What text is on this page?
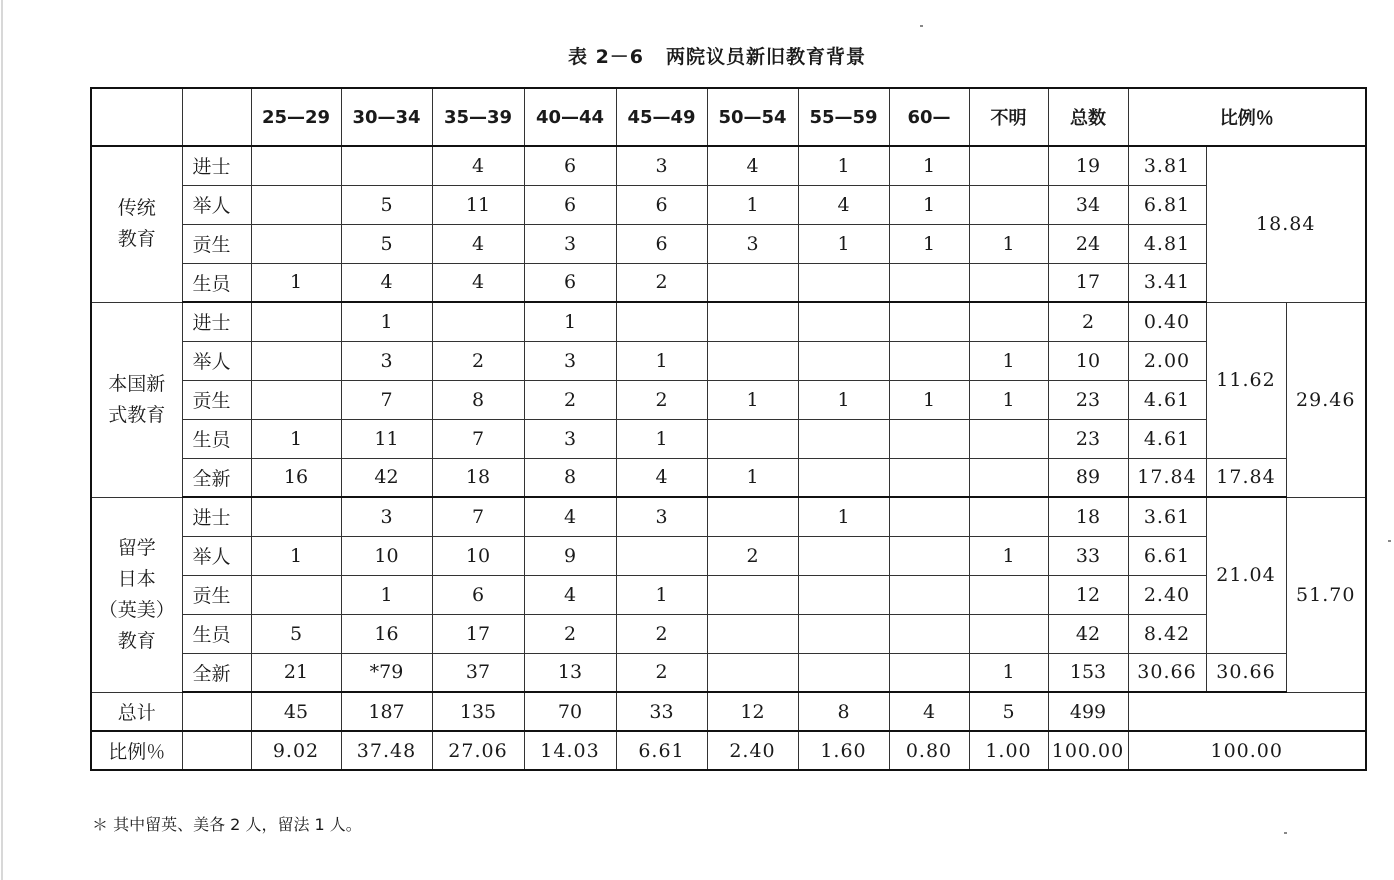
表 2－6 两院议员新旧教育背景
		25—29	30—34	35—39	40—44	45—49	50—54	55—59	60—	不明	总数	比例％		
传统
教育	进士			4	6	3	4	1	1		19	3.81	18.84	
	举人		5	11	6	6	1	4	1		34	6.81		
	贡生		5	4	3	6	3	1	1	1	24	4.81		
	生员	1	4	4	6	2					17	3.41		
本国新
式教育	进士		1		1						2	0.40	11.62	29.46
	举人		3	2	3	1				1	10	2.00		
	贡生		7	8	2	2	1	1	1	1	23	4.61		
	生员	1	11	7	3	1					23	4.61		
	全新	16	42	18	8	4	1				89	17.84	17.84	
留学
日本
（英美）
教育	进士		3	7	4	3		1			18	3.61	21.04	51.70
	举人	1	10	10	9		2			1	33	6.61		
	贡生		1	6	4	1					12	2.40		
	生员	5	16	17	2	2					42	8.42		
	全新	21	*79	37	13	2				1	153	30.66	30.66	
总计		45	187	135	70	33	12	8	4	5	499			
比例％		9.02	37.48	27.06	14.03	6.61	2.40	1.60	0.80	1.00	100.00	100.00		
＊ 其中留英、美各 2 人，留法 1 人。
